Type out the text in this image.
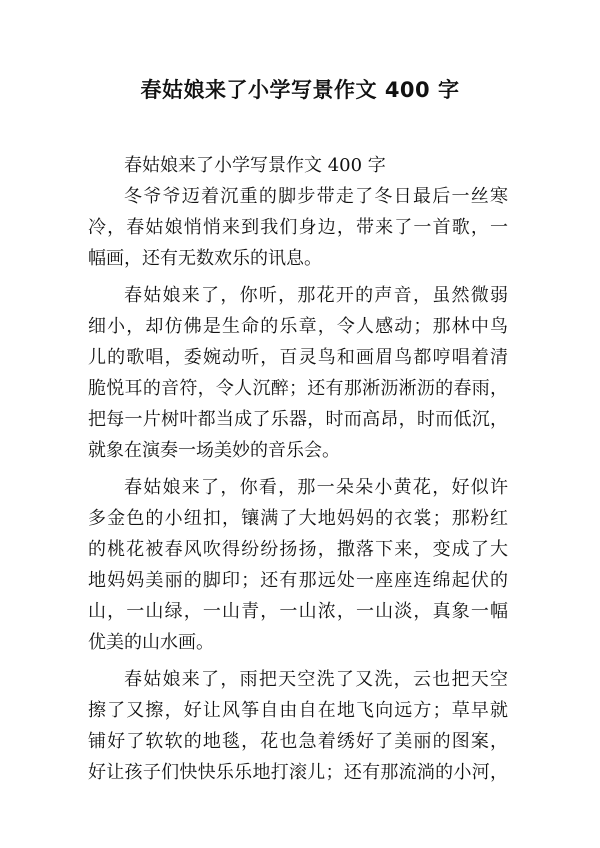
春姑娘来了小学写景作文 400 字
春姑娘来了小学写景作文 400 字
冬爷爷迈着沉重的脚步带走了冬日最后一丝寒
冷，春姑娘悄悄来到我们身边，带来了一首歌，一
幅画，还有无数欢乐的讯息。
春姑娘来了，你听，那花开的声音，虽然微弱
细小，却仿佛是生命的乐章，令人感动；那林中鸟
儿的歌唱，委婉动听，百灵鸟和画眉鸟都哼唱着清
脆悦耳的音符，令人沉醉；还有那淅沥淅沥的春雨，
把每一片树叶都当成了乐器，时而高昂，时而低沉，
就象在演奏一场美妙的音乐会。
春姑娘来了，你看，那一朵朵小黄花，好似许
多金色的小纽扣，镶满了大地妈妈的衣裳；那粉红
的桃花被春风吹得纷纷扬扬，撒落下来，变成了大
地妈妈美丽的脚印；还有那远处一座座连绵起伏的
山，一山绿，一山青，一山浓，一山淡，真象一幅
优美的山水画。
春姑娘来了，雨把天空洗了又洗，云也把天空
擦了又擦，好让风筝自由自在地飞向远方；草早就
铺好了软软的地毯，花也急着绣好了美丽的图案，
好让孩子们快快乐乐地打滚儿；还有那流淌的小河，
